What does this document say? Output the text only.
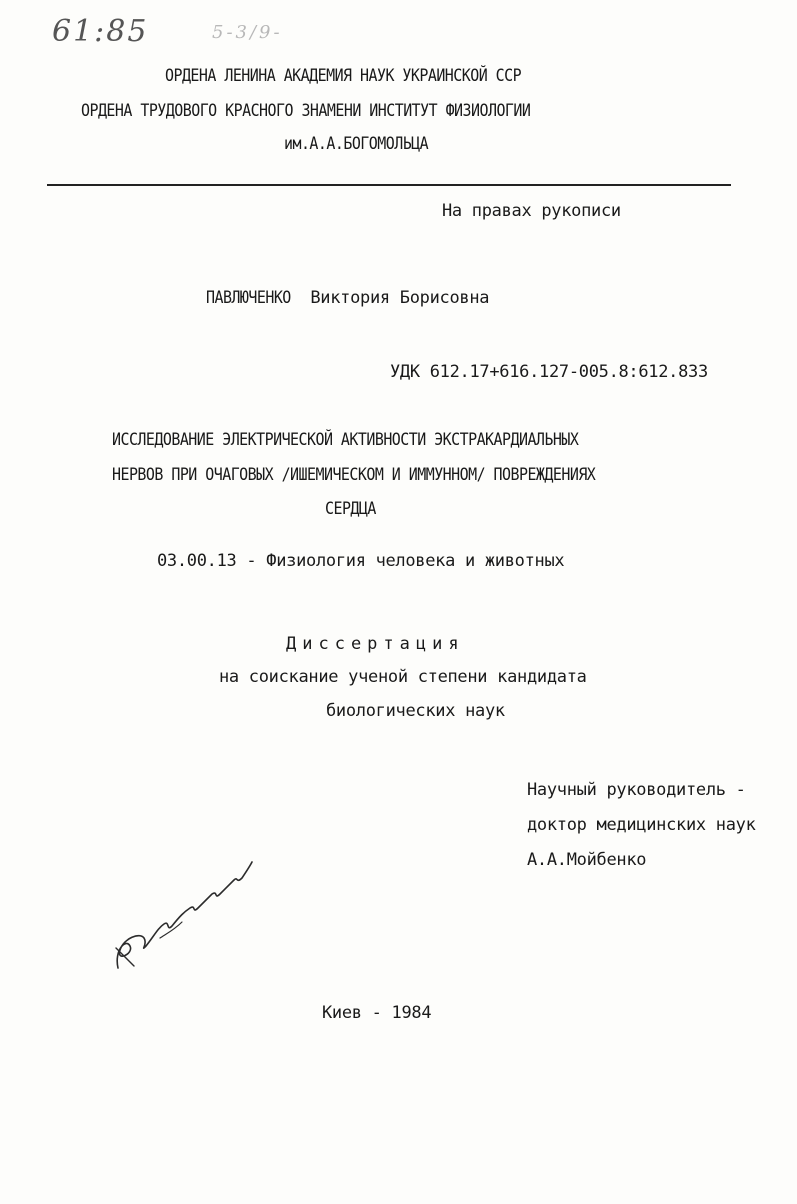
61:85	5-3/9-
ОРДЕНА ЛЕНИНА АКАДЕМИЯ НАУК УКРАИНСКОЙ ССР
ОРДЕНА ТРУДОВОГО КРАСНОГО ЗНАМЕНИ ИНСТИТУТ ФИЗИОЛОГИИ
им.А.А.БОГОМОЛЬЦА
На правах рукописи
ПАВЛЮЧЕНКО Виктория Борисовна
УДК 612.17+616.127-005.8:612.833
ИССЛЕДОВАНИЕ ЭЛЕКТРИЧЕСКОЙ АКТИВНОСТИ ЭКСТРАКАРДИАЛЬНЫХ
НЕРВОВ ПРИ ОЧАГОВЫХ /ИШЕМИЧЕСКОМ И ИММУННОМ/ ПОВРЕЖДЕНИЯХ
СЕРДЦА
03.00.13 - Физиология человека и животных
Диссертация
на соискание ученой степени кандидата
биологических наук
Научный руководитель -
доктор медицинских наук
А.А.Мойбенко
Киев - 1984
